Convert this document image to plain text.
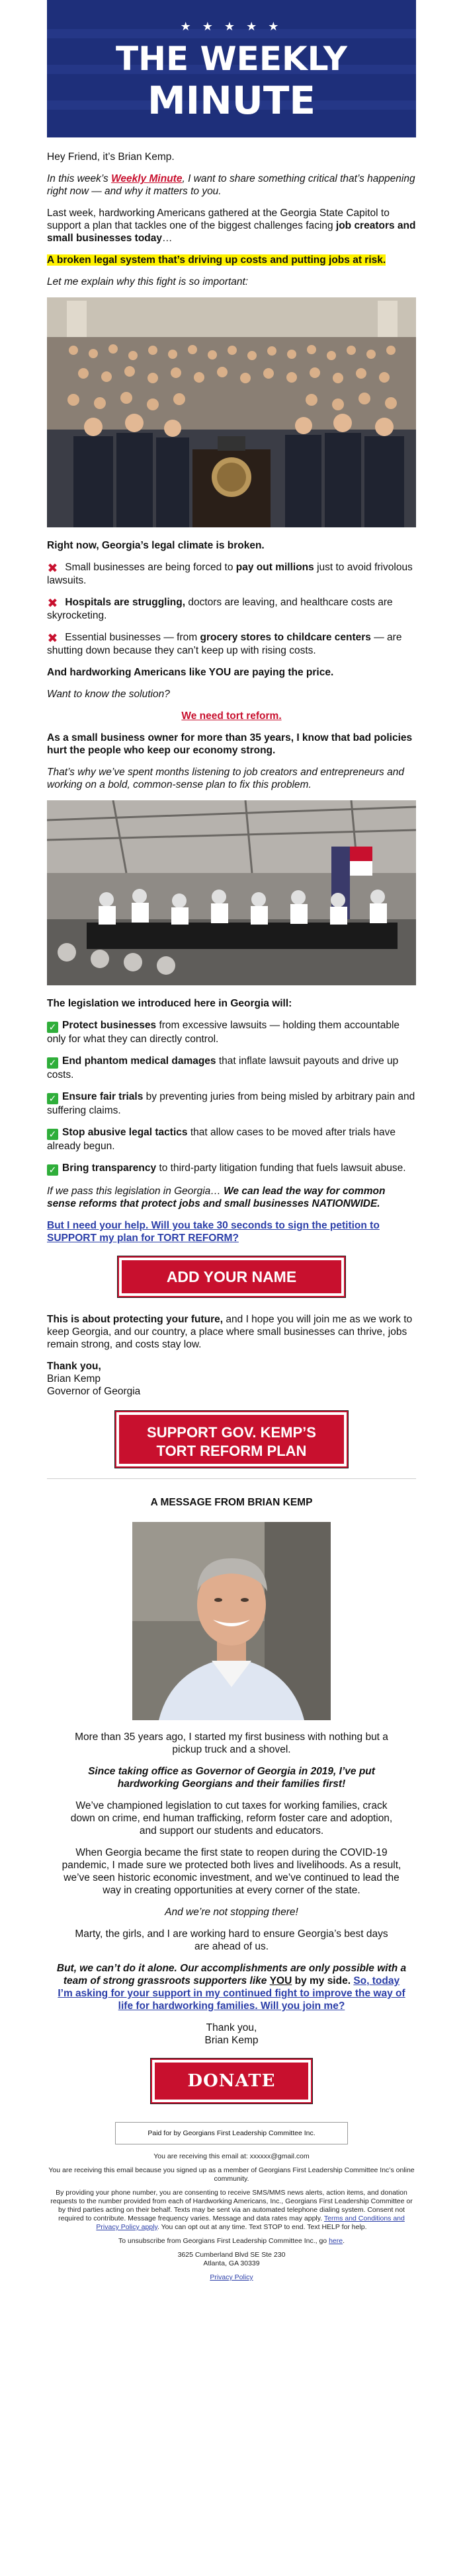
★ ★ ★ ★ ★
THE WEEKLY
MINUTE

Hey Friend, it’s Brian Kemp.

In this week’s Weekly Minute, I want to share something critical that’s happening right now — and why it matters to you.

Last week, hardworking Americans gathered at the Georgia State Capitol to support a plan that tackles one of the biggest challenges facing job creators and small businesses today…

A broken legal system that’s driving up costs and putting jobs at risk.

Let me explain why this fight is so important:

Right now, Georgia’s legal climate is broken.

✖ Small businesses are being forced to pay out millions just to avoid frivolous lawsuits.

✖ Hospitals are struggling, doctors are leaving, and healthcare costs are skyrocketing.

✖ Essential businesses — from grocery stores to childcare centers — are shutting down because they can’t keep up with rising costs.

And hardworking Americans like YOU are paying the price.

Want to know the solution?

We need tort reform.

As a small business owner for more than 35 years, I know that bad policies hurt the people who keep our economy strong.

That’s why we’ve spent months listening to job creators and entrepreneurs and working on a bold, common-sense plan to fix this problem.

The legislation we introduced here in Georgia will:

✓ Protect businesses from excessive lawsuits — holding them accountable only for what they can directly control.

✓ End phantom medical damages that inflate lawsuit payouts and drive up costs.

✓ Ensure fair trials by preventing juries from being misled by arbitrary pain and suffering claims.

✓ Stop abusive legal tactics that allow cases to be moved after trials have already begun.

✓ Bring transparency to third-party litigation funding that fuels lawsuit abuse.

If we pass this legislation in Georgia… We can lead the way for common sense reforms that protect jobs and small businesses NATIONWIDE.

But I need your help. Will you take 30 seconds to sign the petition to SUPPORT my plan for TORT REFORM?

ADD YOUR NAME

This is about protecting your future, and I hope you will join me as we work to keep Georgia, and our country, a place where small businesses can thrive, jobs remain strong, and costs stay low.

Thank you,
Brian Kemp
Governor of Georgia

SUPPORT GOV. KEMP’S
TORT REFORM PLAN

A MESSAGE FROM BRIAN KEMP

More than 35 years ago, I started my first business with nothing but a pickup truck and a shovel.

Since taking office as Governor of Georgia in 2019, I’ve put hardworking Georgians and their families first!

We’ve championed legislation to cut taxes for working families, crack down on crime, end human trafficking, reform foster care and adoption, and support our students and educators.

When Georgia became the first state to reopen during the COVID-19 pandemic, I made sure we protected both lives and livelihoods. As a result, we’ve seen historic economic investment, and we’ve continued to lead the way in creating opportunities at every corner of the state.

And we’re not stopping there!

Marty, the girls, and I are working hard to ensure Georgia’s best days are ahead of us.

But, we can’t do it alone. Our accomplishments are only possible with a team of strong grassroots supporters like YOU by my side. So, today I’m asking for your support in my continued fight to improve the way of life for hardworking families. Will you join me?

Thank you,
Brian Kemp

DONATE
Paid for by Georgians First Leadership Committee Inc.

You are receiving this email at: xxxxxx@gmail.com

You are receiving this email because you signed up as a member of Georgians First Leadership Committee Inc’s online community.

By providing your phone number, you are consenting to receive SMS/MMS news alerts, action items, and donation requests to the number provided from each of Hardworking Americans, Inc., Georgians First Leadership Committee or by third parties acting on their behalf. Texts may be sent via an automated telephone dialing system. Consent not required to contribute. Message frequency varies. Message and data rates may apply. Terms and Conditions and Privacy Policy apply. You can opt out at any time. Text STOP to end. Text HELP for help.

To unsubscribe from Georgians First Leadership Committee Inc., go here.

3625 Cumberland Blvd SE Ste 230
Atlanta, GA 30339

Privacy Policy
